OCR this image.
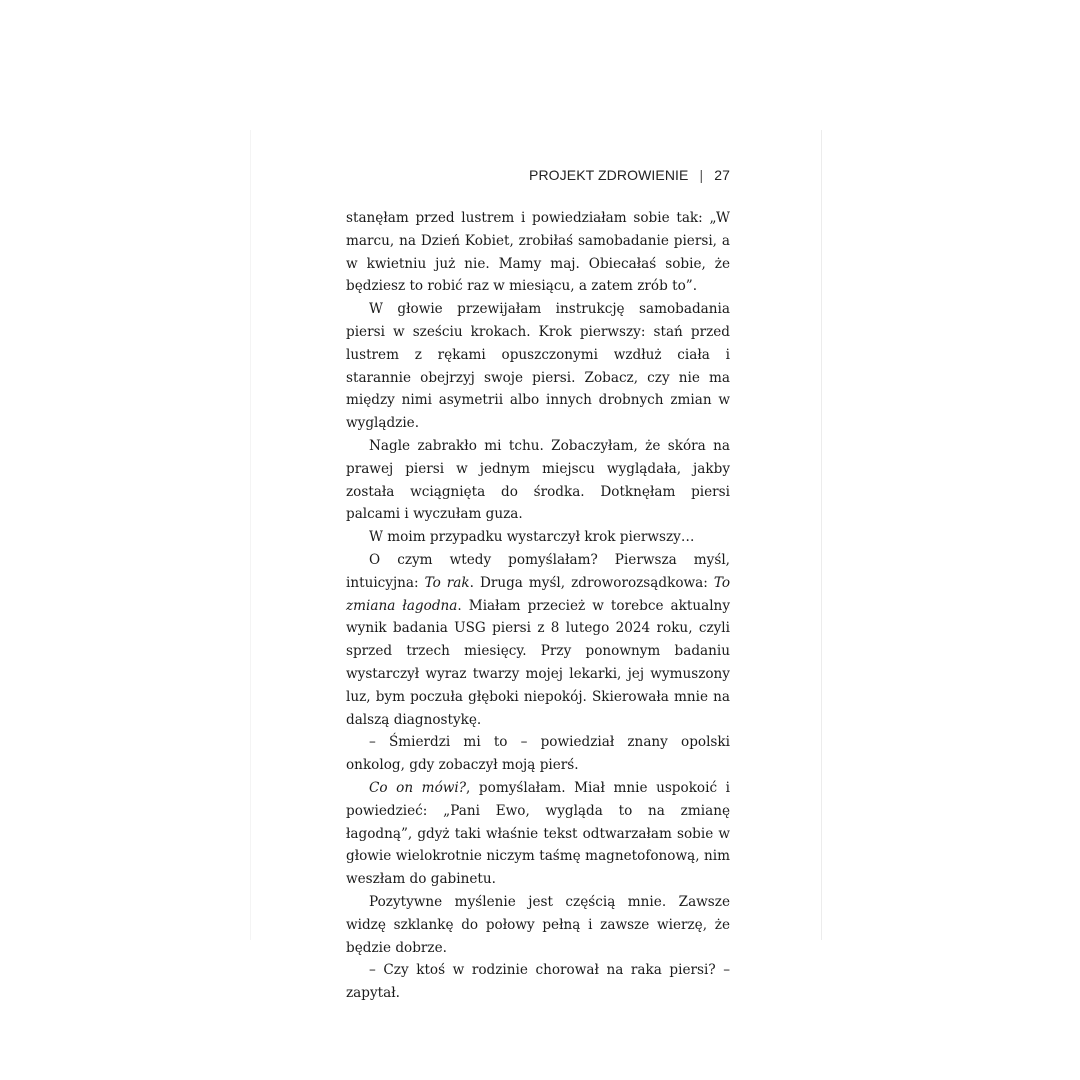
PROJEKT ZDROWIENIE | 27

stanęłam przed lustrem i powiedziałam sobie tak: „W marcu, na Dzień Kobiet, zrobiłaś samobadanie piersi, a w kwietniu już nie. Mamy maj. Obiecałaś sobie, że będziesz to robić raz w miesiącu, a zatem zrób to”.

W głowie przewijałam instrukcję samobadania piersi w sześciu krokach. Krok pierwszy: stań przed lustrem z rękami opuszczonymi wzdłuż ciała i starannie obejrzyj swoje piersi. Zobacz, czy nie ma między nimi asymetrii albo innych drobnych zmian w wyglądzie.

Nagle zabrakło mi tchu. Zobaczyłam, że skóra na prawej piersi w jednym miejscu wyglądała, jakby została wciągnięta do środka. Dotknęłam piersi palcami i wyczułam guza.

W moim przypadku wystarczył krok pierwszy…

O czym wtedy pomyślałam? Pierwsza myśl, intuicyjna: To rak. Druga myśl, zdroworozsądkowa: To zmiana łagodna. Miałam przecież w torebce aktualny wynik badania USG piersi z 8 lutego 2024 roku, czyli sprzed trzech miesięcy. Przy ponownym badaniu wystarczył wyraz twarzy mojej lekarki, jej wymuszony luz, bym poczuła głęboki niepokój. Skierowała mnie na dalszą diagnostykę.

– Śmierdzi mi to – powiedział znany opolski onkolog, gdy zobaczył moją pierś.

Co on mówi?, pomyślałam. Miał mnie uspokoić i powiedzieć: „Pani Ewo, wygląda to na zmianę łagodną”, gdyż taki właśnie tekst odtwarzałam sobie w głowie wielokrotnie niczym taśmę magnetofonową, nim weszłam do gabinetu.

Pozytywne myślenie jest częścią mnie. Zawsze widzę szklankę do połowy pełną i zawsze wierzę, że będzie dobrze.

– Czy ktoś w rodzinie chorował na raka piersi? – zapytał.
